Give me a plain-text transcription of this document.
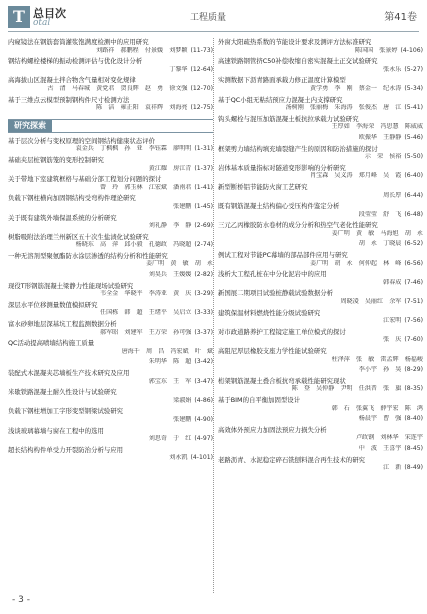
T 总目次
otal	工程质量	第41卷
内窥镜法在钢筋套筒灌浆饱满度检测中的应用研究
刘路祥　郝鹏程　付景媛　刘梦颖 (11-73)
钢结构螺栓楼梯的振动检测评估与优化设计分析
丁黎华 (12-64)
高海拔山区混凝土拌合物含气量相对变化规律
古　清　马春城　黄党君　贺良辉　赵　勇　徐文强 (12-70)
基于三维点云模型预制钢构件尺寸检测方法
陈　洁　雍正阳　袁祥辉　刘海亮 (12-75)
研究探索
基于层次分析与变权原理的空间钢结构健康状态评价
袁金兵　丁枫枫　孙　亚　李钰霖　廖明明 (1-31)
基础夹层桩钢筋笼的变形控制研究
黄江耀　房江青 (1-37)
关于带地下室建筑框格与基础分部工程划分问题的探讨
曾　玲　郭玉林　江宏斌　潘南君 (1-41)
负载下钢柱横向加固钢结构受弯构件理论研究
张建鹏 (1-45)
关于既有建筑外墙保温系统的分析研究
刘礼静　李　静 (2-69)
树脂吸附法治理兰州新区五十次生盐渍化试验研究
杨晓东　高　萍　邱小毅　孔德政　冯晓超 (2-74)
一种无溶剂型聚氨酯防水涂层渗透的结构分析和性能研究
姜广明　黄　敏　胡　永
刘昊兵　王媛媛 (2-82)
现役T形钢筋混凝土梁静力性能现场试验研究
韦全金　华晓平　李涛亚　黄　庆 (3-29)
深层水平位移测量数值模拟研究
任国栋　韩　超　王绪平　吴启立 (3-33)
富水砂卵地层深基坑工程监测数据分析
郝军昭　刘建军　王万荣　孙可强 (3-37)
QC活动提高喷墙结构施工质量
唐海千　周　昌　冯宏斌　叶　斌
朱明华　陈　超 (3-42)
装配式木混凝夹芯墙板生产技术研究及应用
郭宝东　王　军 (3-47)
米歇铁路混凝土耐久性设计与试验研究
梁淑娟 (4-86)
负载下钢柱增加工字形变型钢梁试验研究
张建鹏 (4-90)
浅谈玻璃幕墙与窗在工程中的选用
刘思奇　于　红 (4-97)
超长结构构件单受力开裂防治分析与应用
刘永凯 (4-101)
外窗大阳疏热系数的节能设计要求及测评方法标准研究
陈国国　张景婷 (4-106)
高速铁路钢管挤C50补偿收缩自密实混凝土正交试验研究
张永乐 (5-27)
实测数据下沥青路面承载力修正温度计算模型
黄学勇　李　刚　蔡金一　纪永涛 (5-34)
基于QC小组无粘结预应力混凝土内支撑研究
汤树刚　张丽梅　朱海涛　张俊杰　唐　江 (5-41)
钩头螺栓与混压加筋混凝土板抗拉承载力试验研究
王厚如　李海荣　冯思慧　陈威威
欧振华　王静静 (5-46)
框架剪力墙结构填充墙裂缝产生的原因和防治措施的探讨
示　荣　侯裕 (5-50)
岩体基本质量指标对隧道变形影响的分析研究
肖宝森　吴义涛　郑月峰　吴　霞 (6-40)
新型断桥铝节能防火窗工艺研究
周长厚 (6-44)
既有钢筋混凝土结构偏心受压构件鉴定分析
段莹莹　舒　飞 (6-48)
三元乙丙橡胶防水卷材的成分分析和热空气老化性能研究
姜广明　黄　敏　马海旭　胡　永
胡　永　丁晓晨 (6-52)
例试工程对节能PC幕墙的部品部件应用与研究
姜广明　胡　永　何仲起　林　峰 (6-56)
浅析大工程孔桩在中分化泥岩中的应用
韩春成 (7-46)
新国展二期项目试验桩静载试验数据分析
周晓凌　吴丽红　余军 (7-51)
建筑保温材料燃烧性能分级试验研究
江宏明 (7-56)
对市政道路养护工程镜定施工单位模式的探讨
张　庆 (7-60)
高阻尼厚层橡胶支座力学性能试验研究
柱泽萍　张　敏　雷孟辉　杨福峻
李小宇　孙　昊 (8-29)
桁架钢筋混凝土叠合板抗弯承载性能研究现状
陈　登　吴仲静　尹明　任洪晋　张　旗 (8-35)
基于BIM的自平衡加固型设计
韩　石　张翼飞　薛宇宏　陈　鸿
杨晨宇　曹　强 (8-40)
高效体外预应力加固法预应力损失分析
卢政钢　刘林华　宋连宇
中　波　王喜宇 (8-45)
老路沥青、水泥稳定碎石铣刨料混合再生技术的研究
江　新 (8-49)
- 3 -
